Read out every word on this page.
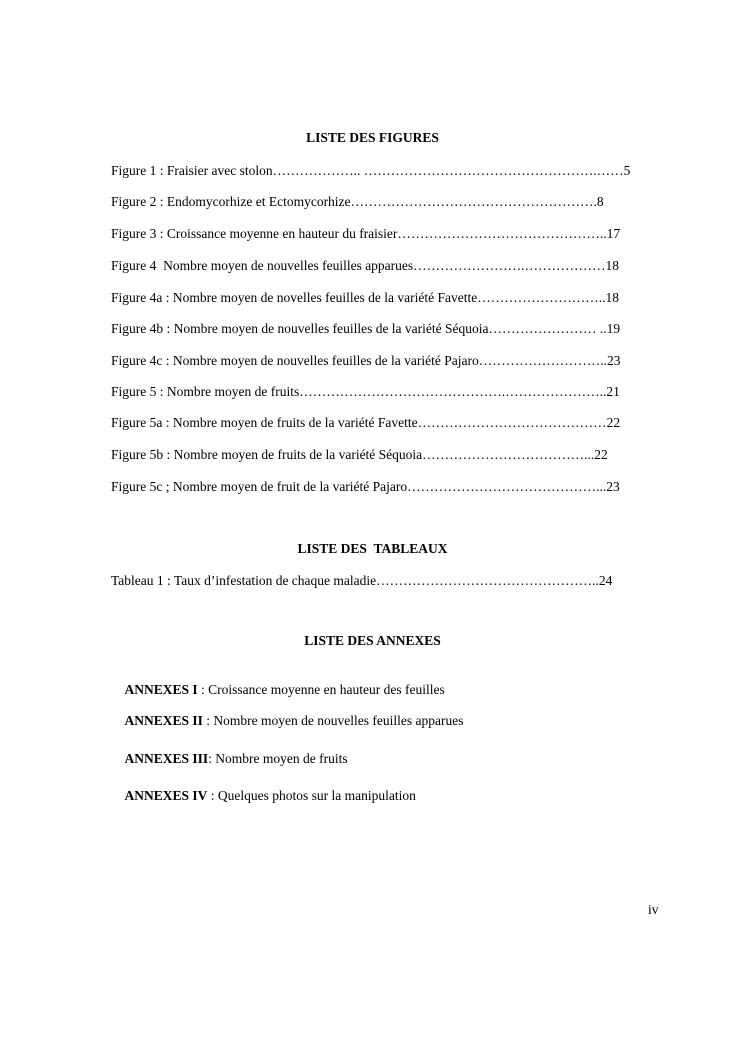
LISTE DES FIGURES
Figure 1 : Fraisier avec stolon……………….. …………………………………………….……5
Figure 2 : Endomycorhize et Ectomycorhize……………………………………………….8
Figure 3 : Croissance moyenne en hauteur du fraisier………………………………………..17
Figure 4  Nombre moyen de nouvelles feuilles apparues…………………….………………18
Figure 4a : Nombre moyen de novelles feuilles de la variété Favette………………………..18
Figure 4b : Nombre moyen de nouvelles feuilles de la variété Séquoia…………………… ..19
Figure 4c : Nombre moyen de nouvelles feuilles de la variété Pajaro………………………..23
Figure 5 : Nombre moyen de fruits……………………………………….…………………..21
Figure 5a : Nombre moyen de fruits de la variété Favette……………………………………22
Figure 5b : Nombre moyen de fruits de la variété Séquoia………………………………...22
Figure 5c ; Nombre moyen de fruit de la variété Pajaro……………………………………...23
LISTE DES  TABLEAUX
Tableau 1 : Taux d’infestation de chaque maladie…………………………………………..24
LISTE DES ANNEXES

ANNEXES I : Croissance moyenne en hauteur des feuilles

ANNEXES II : Nombre moyen de nouvelles feuilles apparues

ANNEXES III: Nombre moyen de fruits

ANNEXES IV : Quelques photos sur la manipulation

iv
